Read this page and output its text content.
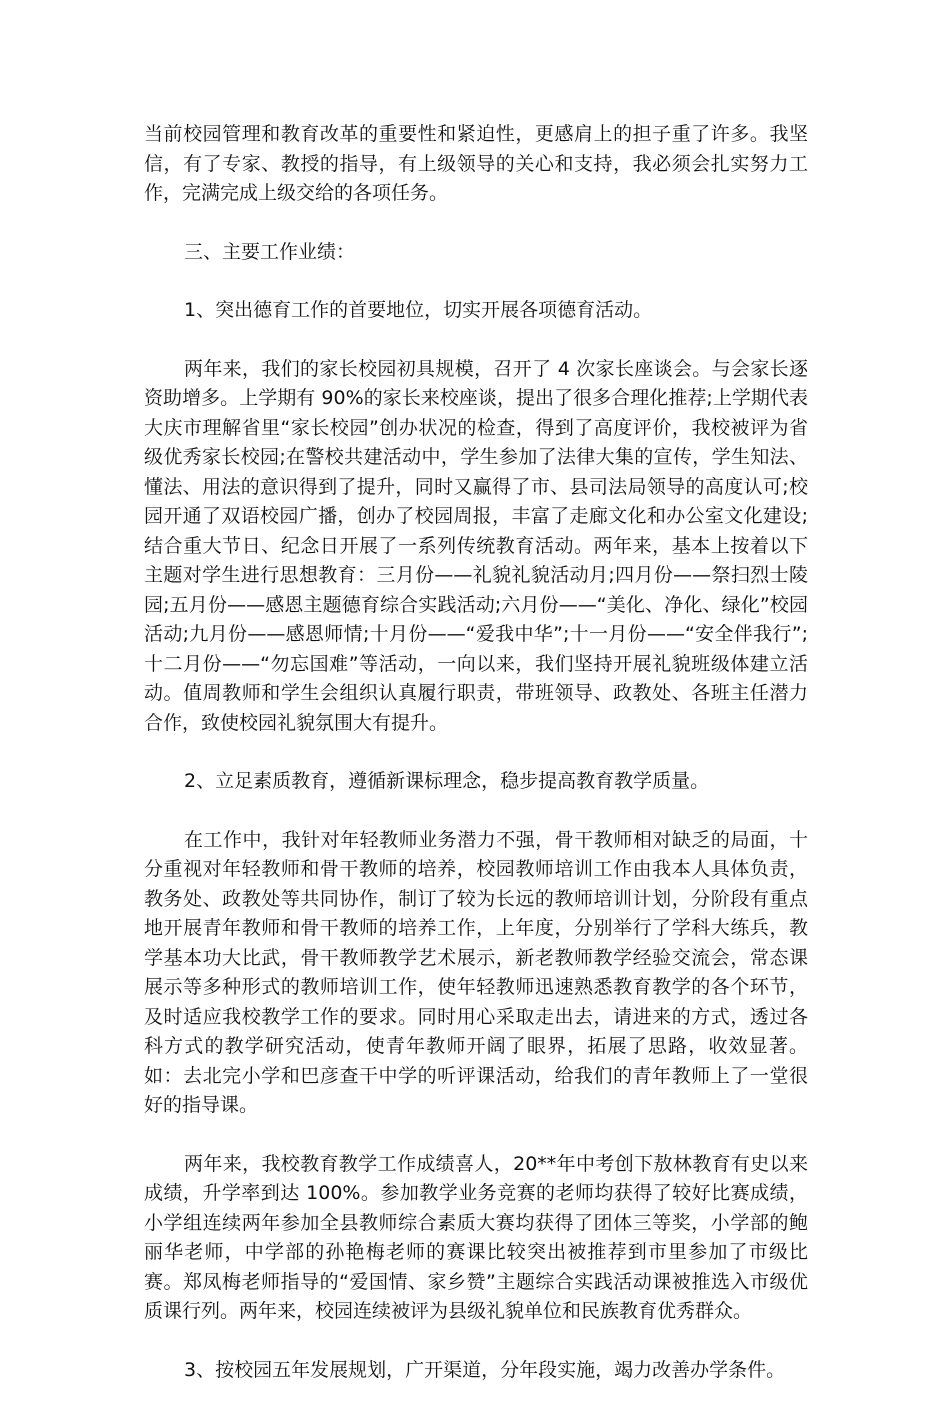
当前校园管理和教育改革的重要性和紧迫性，更感肩上的担子重了许多。我坚信，有了专家、教授的指导，有上级领导的关心和支持，我必须会扎实努力工作，完满完成上级交给的各项任务。

三、主要工作业绩：

1、突出德育工作的首要地位，切实开展各项德育活动。

两年来，我们的家长校园初具规模，召开了 4 次家长座谈会。与会家长逐资助增多。上学期有 90%的家长来校座谈，提出了很多合理化推荐;上学期代表大庆市理解省里“家长校园”创办状况的检查，得到了高度评价，我校被评为省级优秀家长校园;在警校共建活动中，学生参加了法律大集的宣传，学生知法、懂法、用法的意识得到了提升，同时又赢得了市、县司法局领导的高度认可;校园开通了双语校园广播，创办了校园周报，丰富了走廊文化和办公室文化建设;结合重大节日、纪念日开展了一系列传统教育活动。两年来，基本上按着以下主题对学生进行思想教育：三月份——礼貌礼貌活动月;四月份——祭扫烈士陵园;五月份——感恩主题德育综合实践活动;六月份——“美化、净化、绿化”校园活动;九月份——感恩师情;十月份——“爱我中华”;十一月份——“安全伴我行”;十二月份——“勿忘国难”等活动，一向以来，我们坚持开展礼貌班级体建立活动。值周教师和学生会组织认真履行职责，带班领导、政教处、各班主任潜力合作，致使校园礼貌氛围大有提升。

2、立足素质教育，遵循新课标理念，稳步提高教育教学质量。

在工作中，我针对年轻教师业务潜力不强，骨干教师相对缺乏的局面，十分重视对年轻教师和骨干教师的培养，校园教师培训工作由我本人具体负责，教务处、政教处等共同协作，制订了较为长远的教师培训计划，分阶段有重点地开展青年教师和骨干教师的培养工作，上年度，分别举行了学科大练兵，教学基本功大比武，骨干教师教学艺术展示，新老教师教学经验交流会，常态课展示等多种形式的教师培训工作，使年轻教师迅速熟悉教育教学的各个环节，及时适应我校教学工作的要求。同时用心采取走出去，请进来的方式，透过各科方式的教学研究活动，使青年教师开阔了眼界，拓展了思路，收效显著。如：去北完小学和巴彦查干中学的听评课活动，给我们的青年教师上了一堂很好的指导课。

两年来，我校教育教学工作成绩喜人，20**年中考创下敖林教育有史以来成绩，升学率到达 100%。参加教学业务竞赛的老师均获得了较好比赛成绩，小学组连续两年参加全县教师综合素质大赛均获得了团体三等奖，小学部的鲍丽华老师，中学部的孙艳梅老师的赛课比较突出被推荐到市里参加了市级比赛。郑凤梅老师指导的“爱国情、家乡赞”主题综合实践活动课被推选入市级优质课行列。两年来，校园连续被评为县级礼貌单位和民族教育优秀群众。

3、按校园五年发展规划，广开渠道，分年段实施，竭力改善办学条件。
